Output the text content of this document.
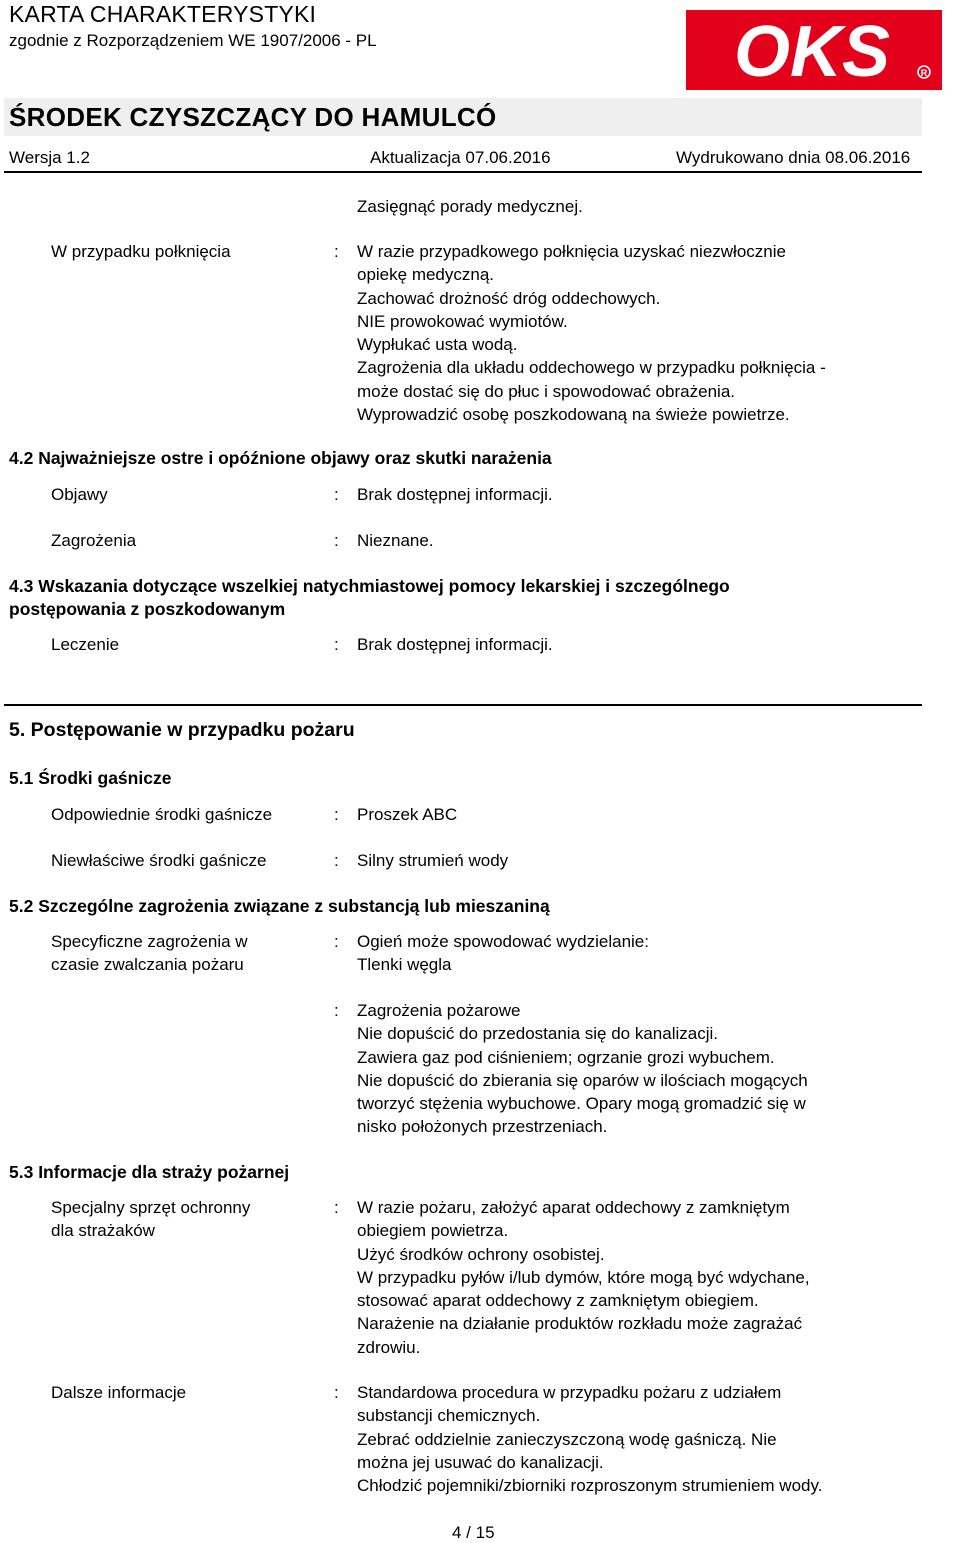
KARTA CHARAKTERYSTYKI
zgodnie z Rozporządzeniem WE 1907/2006 - PL	OKS	R
ŚRODEK CZYSZCZĄCY DO HAMULCÓ
Wersja 1.2	Aktualizacja 07.06.2016	Wydrukowano dnia 08.06.2016
Zasięgnąć porady medycznej.
W przypadku połknięcia	: W razie przypadkowego połknięcia uzyskać niezwłocznie
opiekę medyczną.
Zachować drożność dróg oddechowych.
NIE prowokować wymiotów.
Wypłukać usta wodą.
Zagrożenia dla układu oddechowego w przypadku połknięcia -
może dostać się do płuc i spowodować obrażenia.
Wyprowadzić osobę poszkodowaną na świeże powietrze.
4.2 Najważniejsze ostre i opóźnione objawy oraz skutki narażenia
Objawy	: Brak dostępnej informacji.
Zagrożenia	: Nieznane.
4.3 Wskazania dotyczące wszelkiej natychmiastowej pomocy lekarskiej i szczególnego
postępowania z poszkodowanym
Leczenie	: Brak dostępnej informacji.
5. Postępowanie w przypadku pożaru
5.1 Środki gaśnicze
Odpowiednie środki gaśnicze	: Proszek ABC
Niewłaściwe środki gaśnicze	: Silny strumień wody
5.2 Szczególne zagrożenia związane z substancją lub mieszaniną
Specyficzne zagrożenia w
czasie zwalczania pożaru
: Ogień może spowodować wydzielanie:
Tlenki węgla
: Zagrożenia pożarowe
Nie dopuścić do przedostania się do kanalizacji.
Zawiera gaz pod ciśnieniem; ogrzanie grozi wybuchem.
Nie dopuścić do zbierania się oparów w ilościach mogących
tworzyć stężenia wybuchowe. Opary mogą gromadzić się w
nisko położonych przestrzeniach.
5.3 Informacje dla straży pożarnej
Specjalny sprzęt ochronny
dla strażaków
: W razie pożaru, założyć aparat oddechowy z zamkniętym
obiegiem powietrza.
Użyć środków ochrony osobistej.
W przypadku pyłów i/lub dymów, które mogą być wdychane,
stosować aparat oddechowy z zamkniętym obiegiem.
Narażenie na działanie produktów rozkładu może zagrażać
zdrowiu.
Dalsze informacje	: Standardowa procedura w przypadku pożaru z udziałem
substancji chemicznych.
Zebrać oddzielnie zanieczyszczoną wodę gaśniczą. Nie
można jej usuwać do kanalizacji.
Chłodzić pojemniki/zbiorniki rozproszonym strumieniem wody.
4 / 15
